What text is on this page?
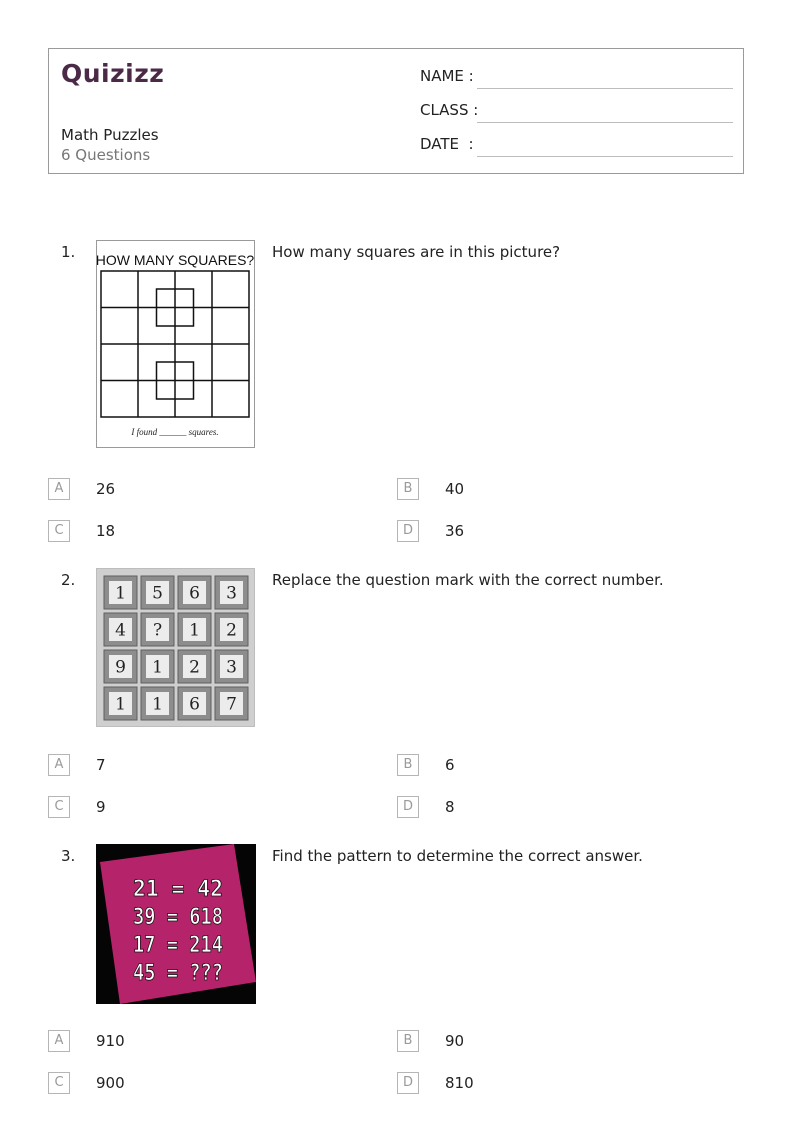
Quizizz
Math Puzzles
6 Questions
NAME :
CLASS :
DATE  :
1. HOW MANY SQUARES?
I found ______ squares.
How many squares are in this picture?
A	26	B	40
C	18	D	36
2.
1 5 6 3
4 ? 1 2
9 1 2 3
1 1 6 7
Replace the question mark with the correct number.
A	7	B	6
C	9	D	8
3.
21 = 42
39 = 618
17 = 214
45 = ???
Find the pattern to determine the correct answer.
A	910	B	90
C	900	D	810
